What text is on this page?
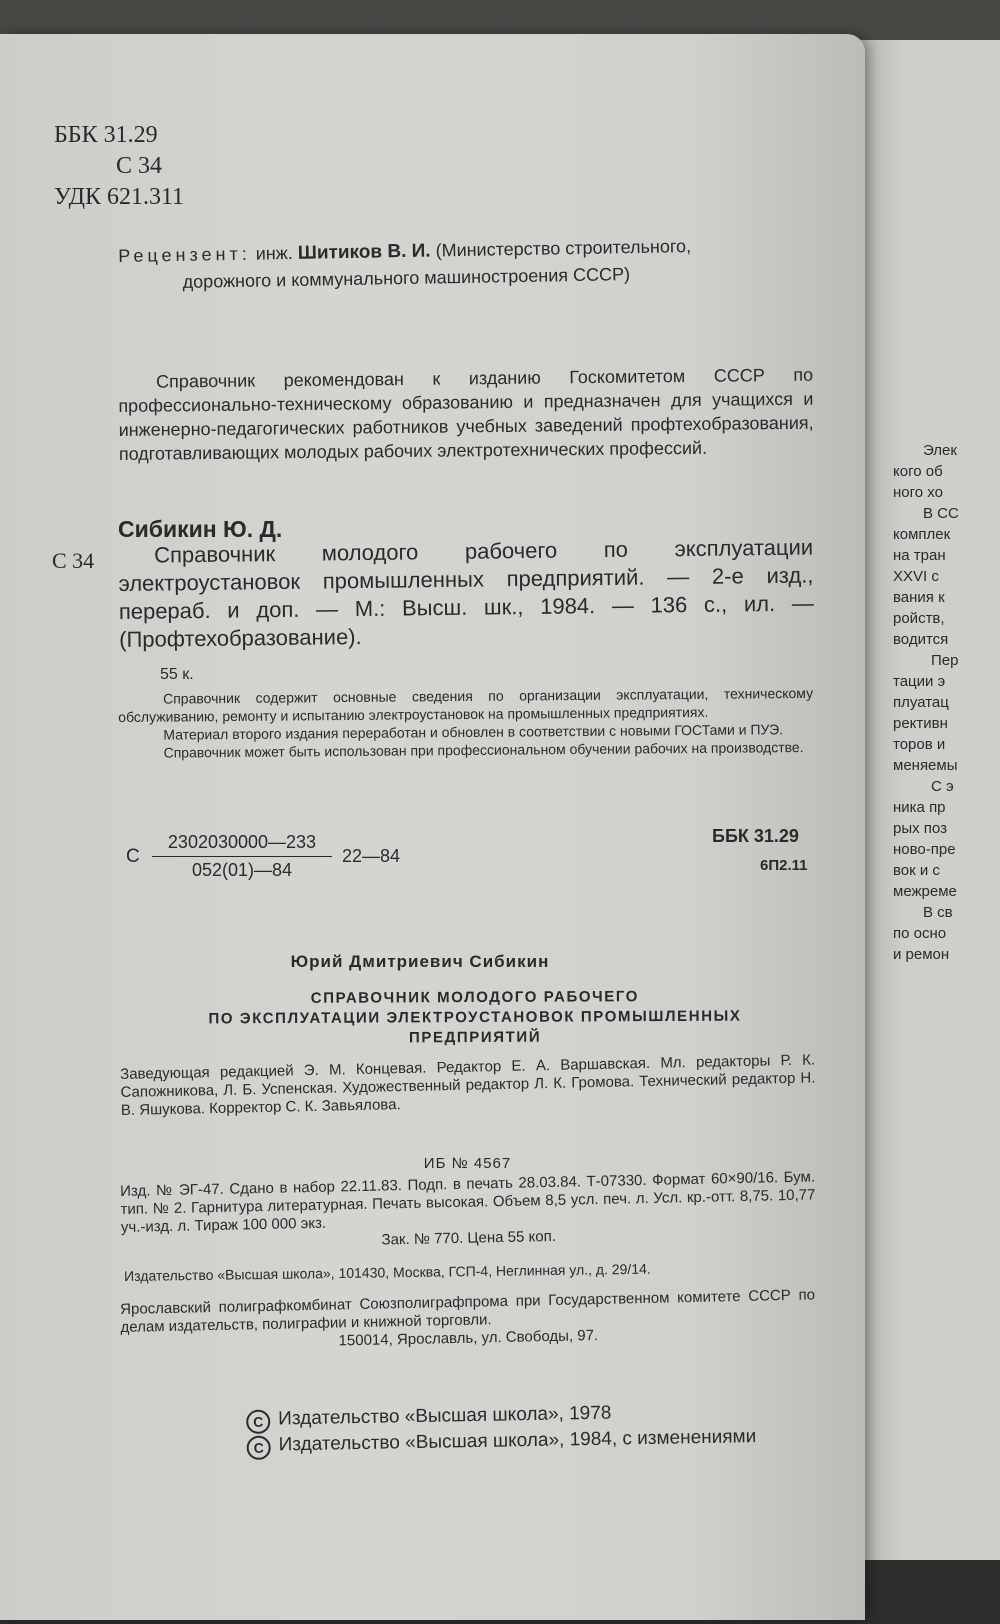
Элек
кого об
ного хо
В СС
комплек
на тран
XXVI с
вания к
ройств,
водится
Пер
тации э
плуатац
рективн
торов и
меняемы
С э
ника пр
рых поз
ново-пре
вок и с
межреме
В св
по осно
и ремон
ББК 31.29
С 34
УДК 621.311
Рецензент: инж. Шитиков В. И. (Министерство строительного,
дорожного и коммунального машиностроения СССР)

Справочник рекомендован к изданию Госкомитетом СССР по профессионально-техническому образованию и предназначен для учащихся и инженерно-педагогических работников учебных заведений профтехобразования, подготавливающих молодых рабочих электротехнических профессий.

Сибикин Ю. Д.
С 34	Справочник молодого рабочего по эксплуатации электроустановок промышленных предприятий. — 2-е изд., перераб. и доп. — М.: Высш. шк., 1984. — 136 с., ил. — (Профтехобразование).

55 к.

Справочник содержит основные сведения по организации эксплуатации, техническому обслуживанию, ремонту и испытанию электроустановок на промышленных предприятиях.

Материал второго издания переработан и обновлен в соответствии с новыми ГОСТами и ПУЭ.

Справочник может быть использован при профессиональном обучении рабочих на производстве.

С $\frac{2302030000—233}{052(01)—84}$ 22—84
ББК 31.29
6П2.11
Юрий Дмитриевич Сибикин
СПРАВОЧНИК МОЛОДОГО РАБОЧЕГО
ПО ЭКСПЛУАТАЦИИ ЭЛЕКТРОУСТАНОВОК ПРОМЫШЛЕННЫХ
ПРЕДПРИЯТИЙ

Заведующая редакцией Э. М. Концевая. Редактор Е. А. Варшавская. Мл. редакторы Р. К. Сапожникова, Л. Б. Успенская. Художественный редактор Л. К. Громова. Технический редактор Н. В. Яшукова. Корректор С. К. Завьялова.

ИБ № 4567

Изд. № ЭГ-47. Сдано в набор 22.11.83. Подп. в печать 28.03.84. Т-07330. Формат 60×90/16. Бум. тип. № 2. Гарнитура литературная. Печать высокая. Объем 8,5 усл. печ. л. Усл. кр.-отт. 8,75. 10,77 уч.-изд. л. Тираж 100 000 экз.

Зак. № 770. Цена 55 коп.

Издательство «Высшая школа», 101430, Москва, ГСП-4, Неглинная ул., д. 29/14.

Ярославский полиграфкомбинат Союзполиграфпрома при Государственном комитете СССР по делам издательств, полиграфии и книжной торговли.

150014, Ярославль, ул. Свободы, 97.

С Издательство «Высшая школа», 1978
С Издательство «Высшая школа», 1984, с изменениями
